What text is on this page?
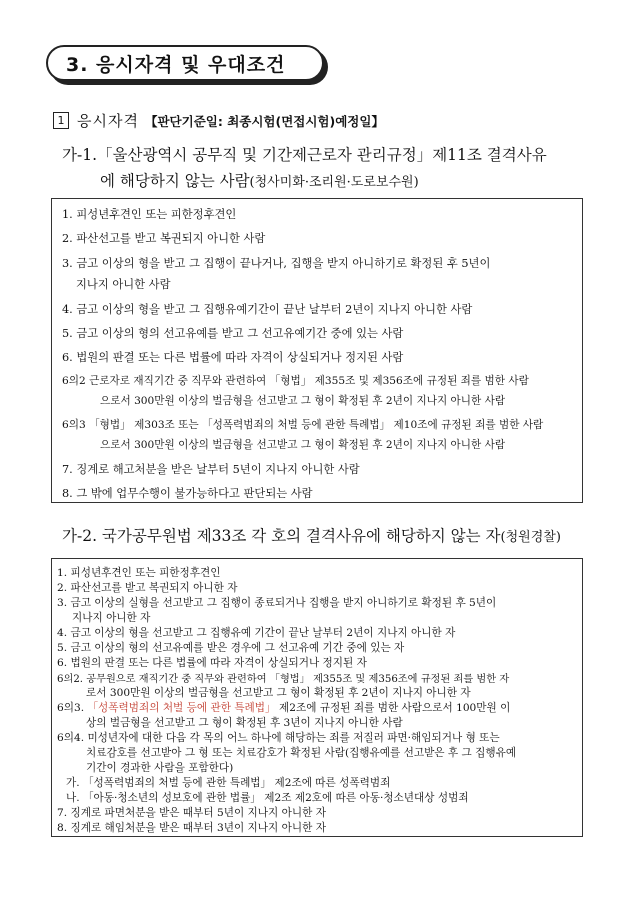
3. 응시자격 및 우대조건
1 응시자격 【판단기준일: 최종시험(면접시험)예정일】
가-1.「울산광역시 공무직 및 기간제근로자 관리규정」제11조 결격사유
에 해당하지 않는 사람(청사미화·조리원·도로보수원)
1. 피성년후견인 또는 피한정후견인
2. 파산선고를 받고 복권되지 아니한 사람
3. 금고 이상의 형을 받고 그 집행이 끝나거나, 집행을 받지 아니하기로 확정된 후 5년이
지나지 아니한 사람
4. 금고 이상의 형을 받고 그 집행유예기간이 끝난 날부터 2년이 지나지 아니한 사람
5. 금고 이상의 형의 선고유예를 받고 그 선고유예기간 중에 있는 사람
6. 법원의 판결 또는 다른 법률에 따라 자격이 상실되거나 정지된 사람
6의2 근로자로 재직기간 중 직무와 관련하여 「형법」 제355조 및 제356조에 규정된 죄를 범한 사람
으로서 300만원 이상의 벌금형을 선고받고 그 형이 확정된 후 2년이 지나지 아니한 사람
6의3 「형법」 제303조 또는 「성폭력범죄의 처벌 등에 관한 특례법」 제10조에 규정된 죄를 범한 사람
으로서 300만원 이상의 벌금형을 선고받고 그 형이 확정된 후 2년이 지나지 아니한 사람
7. 징계로 해고처분을 받은 날부터 5년이 지나지 아니한 사람
8. 그 밖에 업무수행이 불가능하다고 판단되는 사람
가-2. 국가공무원법 제33조 각 호의 결격사유에 해당하지 않는 자(청원경찰)
1. 피성년후견인 또는 피한정후견인
2. 파산선고를 받고 복권되지 아니한 자
3. 금고 이상의 실형을 선고받고 그 집행이 종료되거나 집행을 받지 아니하기로 확정된 후 5년이
지나지 아니한 자
4. 금고 이상의 형을 선고받고 그 집행유예 기간이 끝난 날부터 2년이 지나지 아니한 자
5. 금고 이상의 형의 선고유예를 받은 경우에 그 선고유예 기간 중에 있는 자
6. 법원의 판결 또는 다른 법률에 따라 자격이 상실되거나 정지된 자
6의2. 공무원으로 재직기간 중 직무와 관련하여 「형법」 제355조 및 제356조에 규정된 죄를 범한 자
로서 300만원 이상의 벌금형을 선고받고 그 형이 확정된 후 2년이 지나지 아니한 자
6의3. 「성폭력범죄의 처벌 등에 관한 특례법」 제2조에 규정된 죄를 범한 사람으로서 100만원 이
상의 벌금형을 선고받고 그 형이 확정된 후 3년이 지나지 아니한 사람
6의4. 미성년자에 대한 다음 각 목의 어느 하나에 해당하는 죄를 저질러 파면·해임되거나 형 또는
치료감호를 선고받아 그 형 또는 치료감호가 확정된 사람(집행유예를 선고받은 후 그 집행유예
기간이 경과한 사람을 포함한다)
가. 「성폭력범죄의 처벌 등에 관한 특례법」 제2조에 따른 성폭력범죄
나. 「아동·청소년의 성보호에 관한 법률」 제2조 제2호에 따른 아동·청소년대상 성범죄
7. 징계로 파면처분을 받은 때부터 5년이 지나지 아니한 자
8. 징계로 해임처분을 받은 때부터 3년이 지나지 아니한 자
